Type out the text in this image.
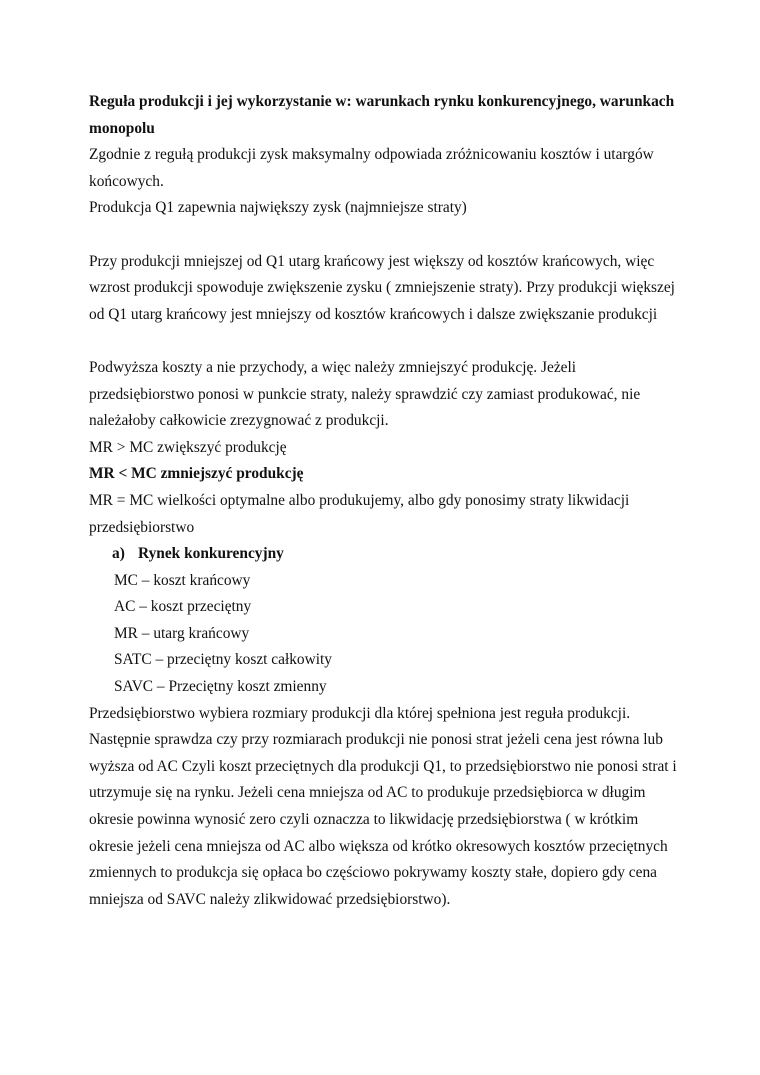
Reguła produkcji i jej wykorzystanie w: warunkach rynku konkurencyjnego, warunkach monopolu

Zgodnie z regułą produkcji zysk maksymalny odpowiada zróżnicowaniu kosztów i utargów końcowych.

Produkcja Q1 zapewnia największy zysk (najmniejsze straty)

Przy produkcji mniejszej od Q1 utarg krańcowy jest większy od kosztów krańcowych, więc wzrost produkcji spowoduje zwiększenie zysku ( zmniejszenie straty). Przy produkcji większej od Q1 utarg krańcowy jest mniejszy od kosztów krańcowych i dalsze zwiększanie produkcji

Podwyższa koszty a nie przychody, a więc należy zmniejszyć produkcję. Jeżeli przedsiębiorstwo ponosi w punkcie straty, należy sprawdzić czy zamiast produkować, nie należałoby całkowicie zrezygnować z produkcji.

MR > MC zwiększyć produkcję

MR < MC zmniejszyć produkcję

MR = MC wielkości optymalne albo produkujemy, albo gdy ponosimy straty likwidacji przedsiębiorstwo

a) Rynek konkurencyjny

MC – koszt krańcowy

AC – koszt przeciętny

MR – utarg krańcowy

SATC – przeciętny koszt całkowity

SAVC – Przeciętny koszt zmienny

Przedsiębiorstwo wybiera rozmiary produkcji dla której spełniona jest reguła produkcji. Następnie sprawdza czy przy rozmiarach produkcji nie ponosi strat jeżeli cena jest równa lub wyższa od AC Czyli koszt przeciętnych dla produkcji Q1, to przedsiębiorstwo nie ponosi strat i utrzymuje się na rynku. Jeżeli cena mniejsza od AC to produkuje przedsiębiorca w długim okresie powinna wynosić zero czyli oznaczza to likwidację przedsiębiorstwa ( w krótkim okresie jeżeli cena mniejsza od AC albo większa od krótko okresowych kosztów przeciętnych zmiennych to produkcja się opłaca bo częściowo pokrywamy koszty stałe, dopiero gdy cena mniejsza od SAVC należy zlikwidować przedsiębiorstwo).
